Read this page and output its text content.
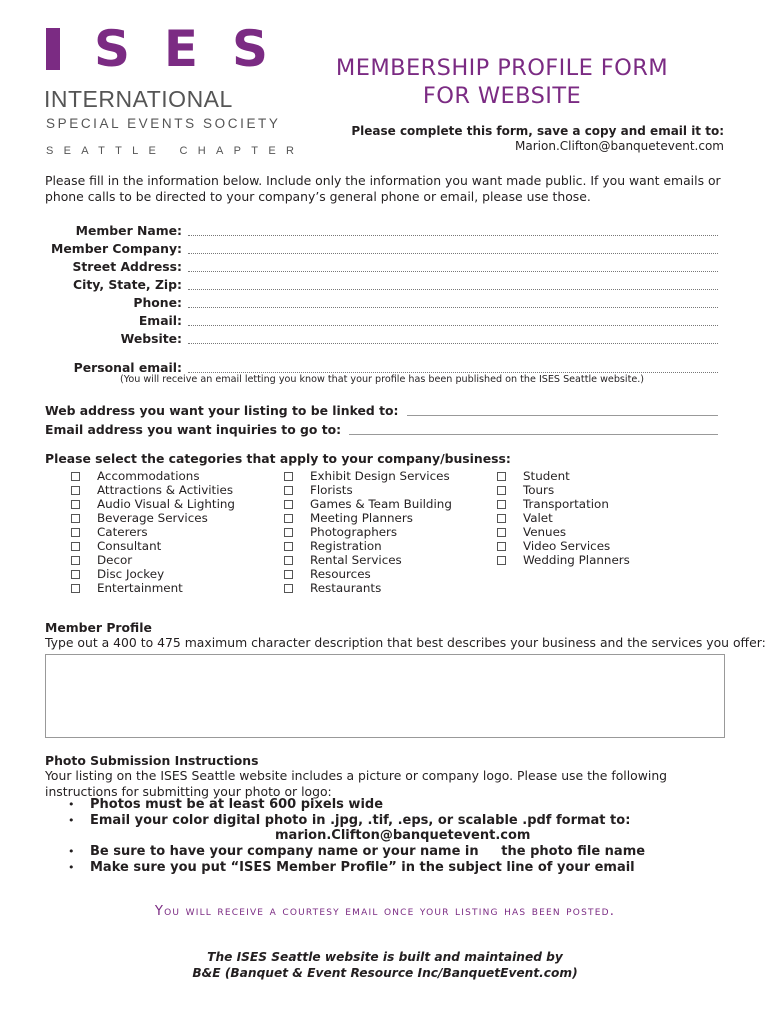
S E S
INTERNATIONAL
SPECIAL EVENTS SOCIETY
SEATTLE CHAPTER
MEMBERSHIP PROFILE FORM
FOR WEBSITE
Please complete this form, save a copy and email it to:
Marion.Clifton@banquetevent.com
Please fill in the information below. Include only the information you want made public. If you want emails or phone calls to be directed to your company’s general phone or email, please use those.
Member Name:
Member Company:
Street Address:
City, State, Zip:
Phone:
Email:
Website:
Personal email:
(You will receive an email letting you know that your profile has been published on the ISES Seattle website.)
Web address you want your listing to be linked to:
Email address you want inquiries to go to:
Please select the categories that apply to your company/business:
Accommodations
Attractions & Activities
Audio Visual & Lighting
Beverage Services
Caterers
Consultant
Decor
Disc Jockey
Entertainment
Exhibit Design Services
Florists
Games & Team Building
Meeting Planners
Photographers
Registration
Rental Services
Resources
Restaurants
Student
Tours
Transportation
Valet
Venues
Video Services
Wedding Planners
Member Profile
Type out a 400 to 475 maximum character description that best describes your business and the services you offer:
Photo Submission Instructions
Your listing on the ISES Seattle website includes a picture or company logo. Please use the following instructions for submitting your photo or logo:
•	Photos must be at least 600 pixels wide
•	Email your color digital photo in .jpg, .tif, .eps, or scalable .pdf format to:
marion.Clifton@banquetevent.com
•	Be sure to have your company name or your name in     the photo file name
•	Make sure you put “ISES Member Profile” in the subject line of your email
You will receive a courtesy email once your listing has been posted.
The ISES Seattle website is built and maintained by
B&E (Banquet & Event Resource Inc/BanquetEvent.com)
